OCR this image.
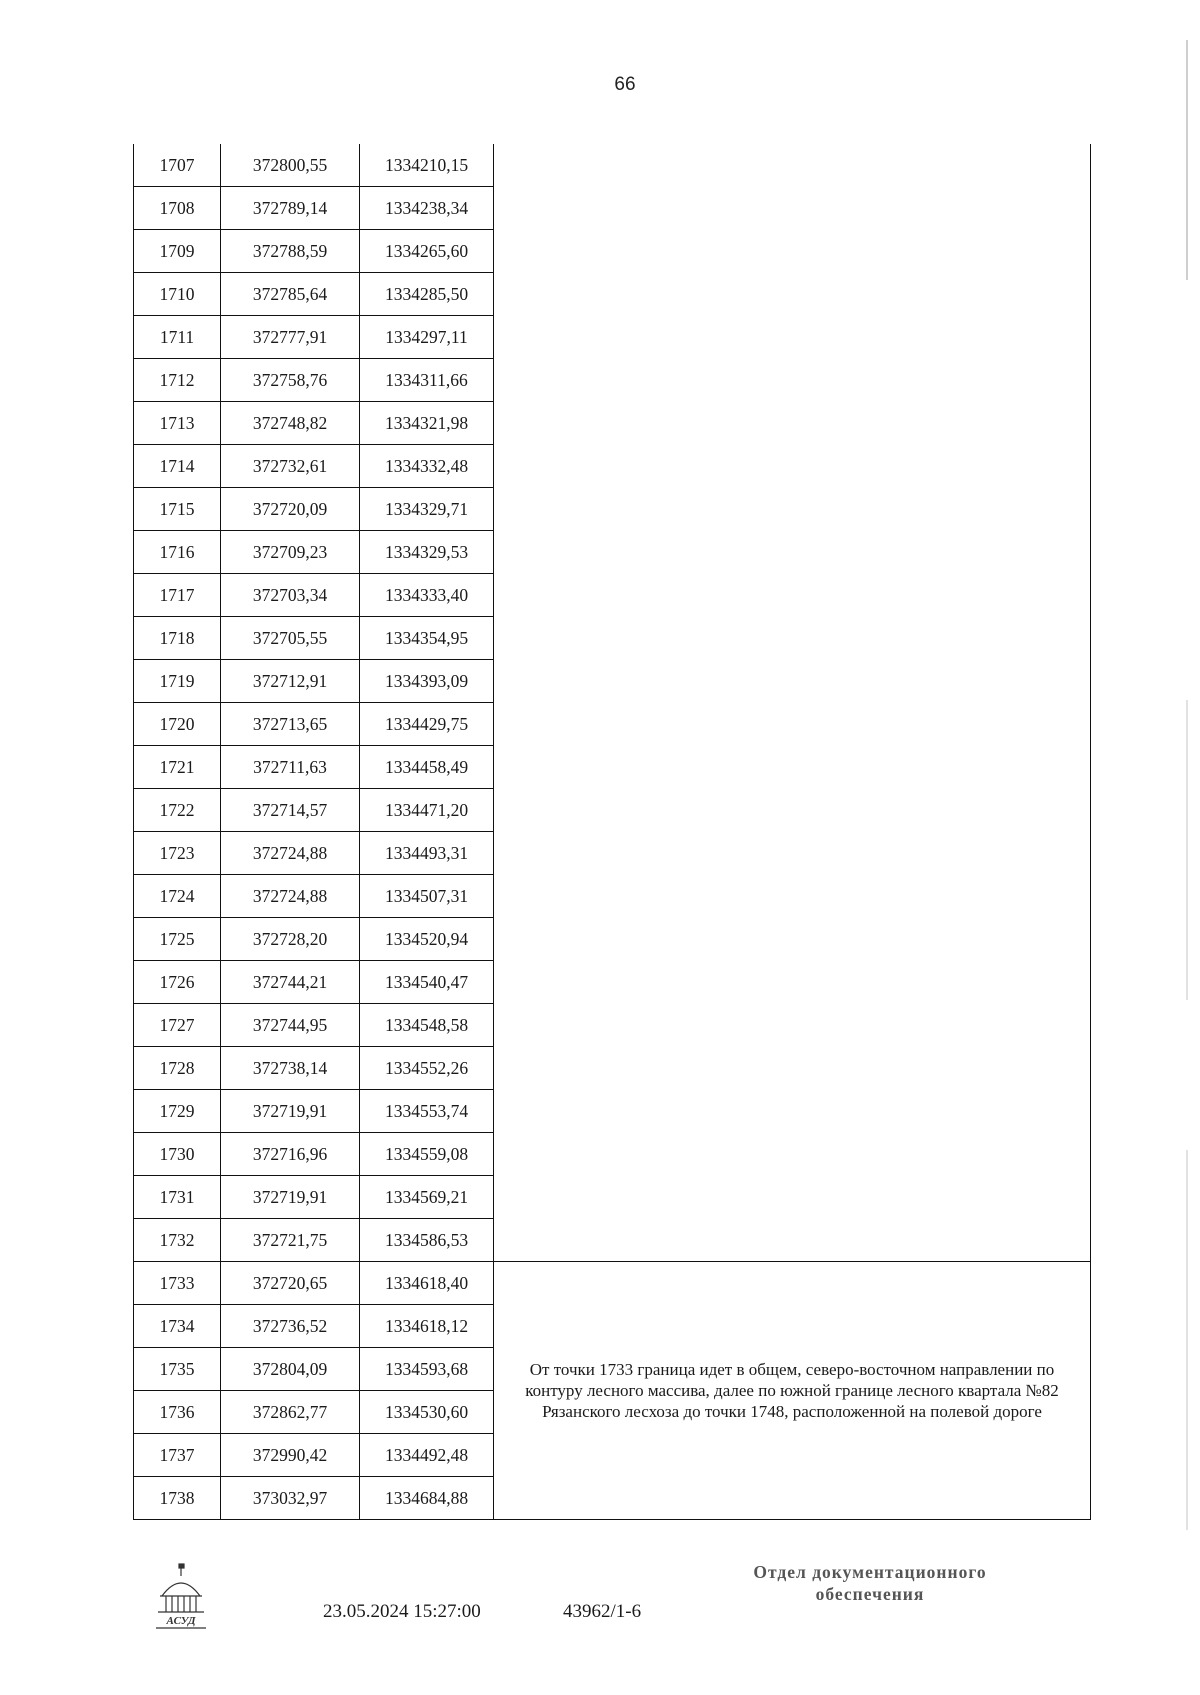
66
1707	372800,55	1334210,15	
1708	372789,14	1334238,34	
1709	372788,59	1334265,60	
1710	372785,64	1334285,50	
1711	372777,91	1334297,11	
1712	372758,76	1334311,66	
1713	372748,82	1334321,98	
1714	372732,61	1334332,48	
1715	372720,09	1334329,71	
1716	372709,23	1334329,53	
1717	372703,34	1334333,40	
1718	372705,55	1334354,95	
1719	372712,91	1334393,09	
1720	372713,65	1334429,75	
1721	372711,63	1334458,49	
1722	372714,57	1334471,20	
1723	372724,88	1334493,31	
1724	372724,88	1334507,31	
1725	372728,20	1334520,94	
1726	372744,21	1334540,47	
1727	372744,95	1334548,58	
1728	372738,14	1334552,26	
1729	372719,91	1334553,74	
1730	372716,96	1334559,08	
1731	372719,91	1334569,21	
1732	372721,75	1334586,53	
1733	372720,65	1334618,40	От точки 1733 граница идет в общем, северо-восточном направлении по контуру лесного массива, далее по южной границе лесного квартала №82 Рязанского лесхоза до точки 1748, расположенной на полевой дороге
1734	372736,52	1334618,12	
1735	372804,09	1334593,68	
1736	372862,77	1334530,60	
1737	372990,42	1334492,48	
1738	373032,97	1334684,88	
АСУД	23.05.2024 15:27:00	43962/1-6
Отдел документационного обеспечения
